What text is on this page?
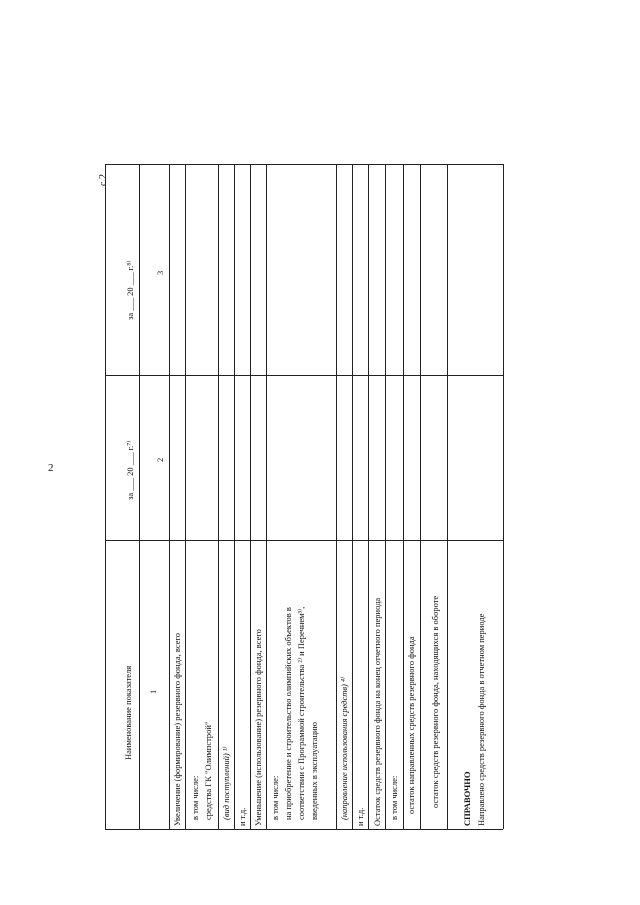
2
с.2
Наименование показателя
за ___ 20 ___ г.⁷⁾
за ___ 20 ___ г.⁸⁾
1
2
3
Увеличение (формирование) резервного фонда, всего в том числе: средства ГК "Олимпстрой" (вид поступлений) ¹⁾ и т.д. Уменьшение (использование) резервного фонда, всего в том числе: на приобретение и строительство олимпийских объектов в соответствии с Программой строительства ²⁾ и Перечнем³⁾, введенных в эксплуатацию (направление использования средств) ⁴⁾ и т.д. Остаток средств резервного фонда на конец отчетного периода в том числе: остаток направленных средств резервного фонда остаток средств резервного фонда, находящихся в обороте	СПРАВОЧНО Направлено средств резервного фонда в отчетном периоде
